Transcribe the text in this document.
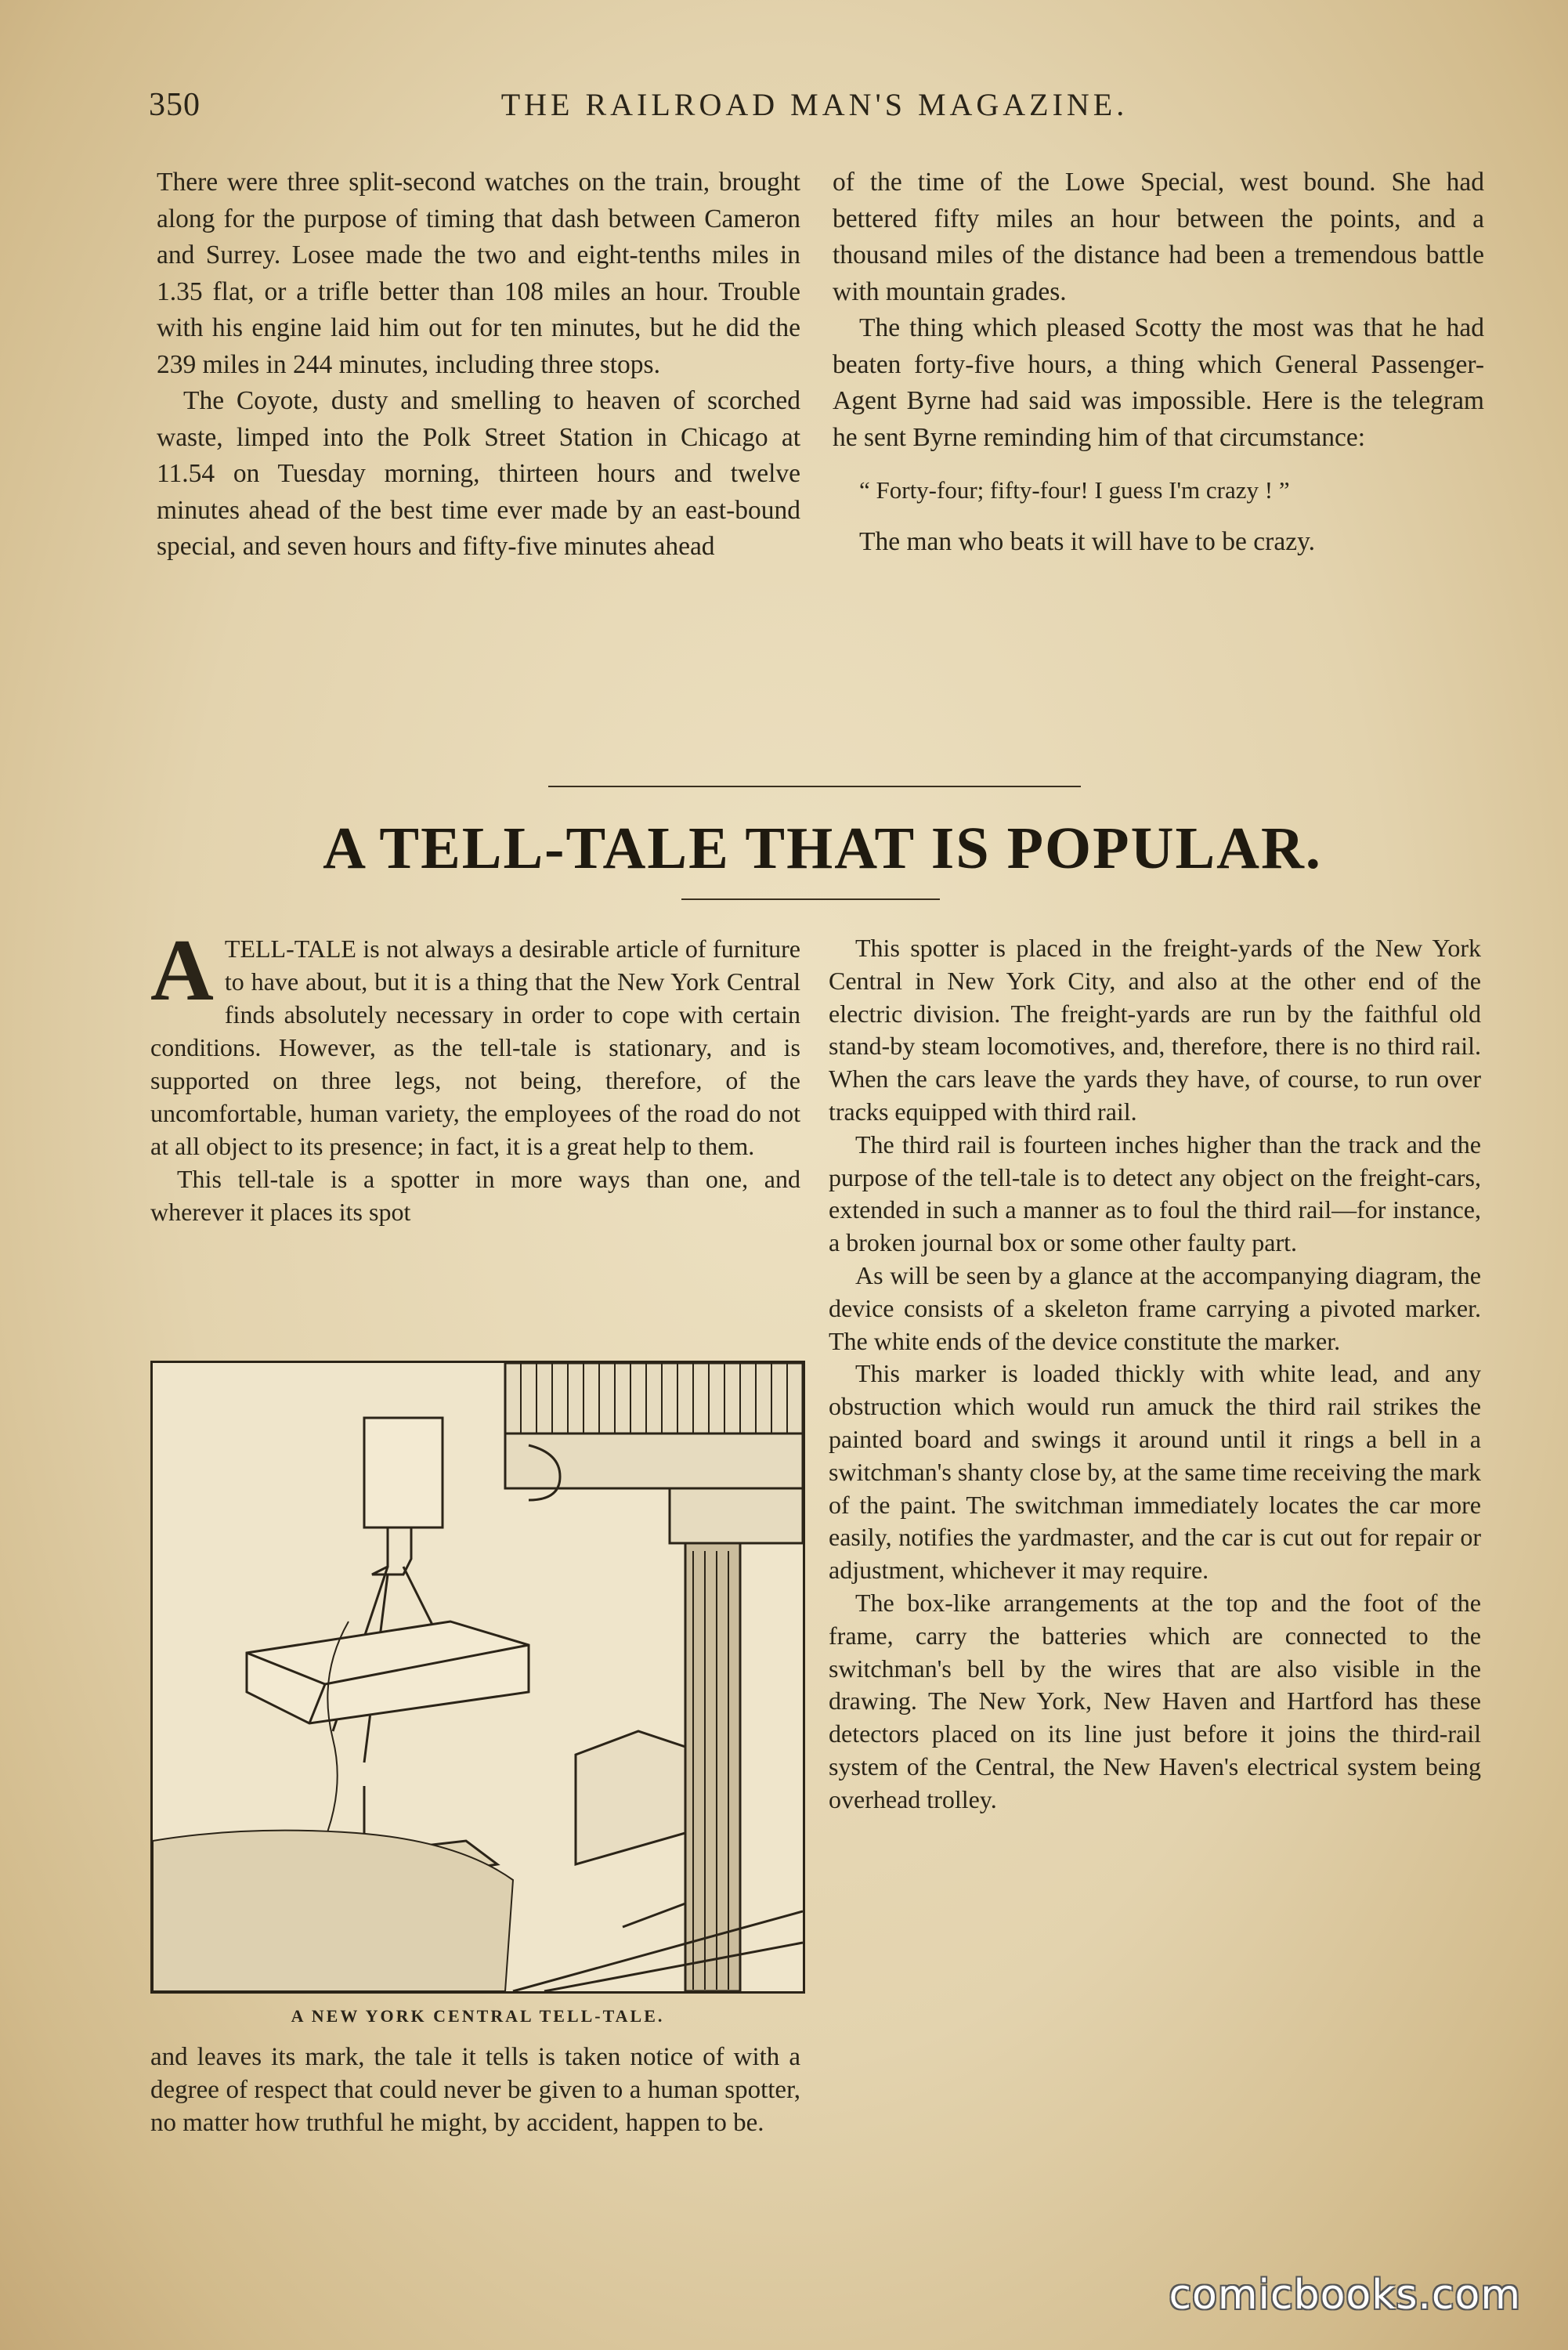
350	THE RAILROAD MAN'S MAGAZINE.

There were three split-second watches on the train, brought along for the purpose of timing that dash between Cameron and Surrey. Losee made the two and eight-tenths miles in 1.35 flat, or a trifle better than 108 miles an hour. Trouble with his engine laid him out for ten minutes, but he did the 239 miles in 244 minutes, including three stops.

The Coyote, dusty and smelling to heaven of scorched waste, limped into the Polk Street Station in Chicago at 11.54 on Tuesday morning, thirteen hours and twelve minutes ahead of the best time ever made by an east-bound special, and seven hours and fifty-five minutes ahead

of the time of the Lowe Special, west bound. She had bettered fifty miles an hour between the points, and a thousand miles of the distance had been a tremendous battle with mountain grades.

The thing which pleased Scotty the most was that he had beaten forty-five hours, a thing which General Passenger-Agent Byrne had said was impossible. Here is the telegram he sent Byrne reminding him of that circumstance:

“ Forty-four; fifty-four! I guess I'm crazy ! ”

The man who beats it will have to be crazy.

A TELL-TALE THAT IS POPULAR.

ATELL-TALE is not always a desirable article of furniture to have about, but it is a thing that the New York Central finds absolutely necessary in order to cope with certain conditions. However, as the tell-tale is stationary, and is supported on three legs, not being, therefore, of the uncomfortable, human variety, the employees of the road do not at all object to its presence; in fact, it is a great help to them.

This tell-tale is a spotter in more ways than one, and wherever it places its spot

A NEW YORK CENTRAL TELL-TALE.

and leaves its mark, the tale it tells is taken notice of with a degree of respect that could never be given to a human spotter, no matter how truthful he might, by accident, happen to be.

This spotter is placed in the freight-yards of the New York Central in New York City, and also at the other end of the electric division. The freight-yards are run by the faithful old stand-by steam locomotives, and, therefore, there is no third rail. When the cars leave the yards they have, of course, to run over tracks equipped with third rail.

The third rail is fourteen inches higher than the track and the purpose of the tell-tale is to detect any object on the freight-cars, extended in such a manner as to foul the third rail—for instance, a broken journal box or some other faulty part.

As will be seen by a glance at the accompanying diagram, the device consists of a skeleton frame carrying a pivoted marker. The white ends of the device constitute the marker.

This marker is loaded thickly with white lead, and any obstruction which would run amuck the third rail strikes the painted board and swings it around until it rings a bell in a switchman's shanty close by, at the same time receiving the mark of the paint. The switchman immediately locates the car more easily, notifies the yardmaster, and the car is cut out for repair or adjustment, whichever it may require.

The box-like arrangements at the top and the foot of the frame, carry the batteries which are connected to the switchman's bell by the wires that are also visible in the drawing. The New York, New Haven and Hartford has these detectors placed on its line just before it joins the third-rail system of the Central, the New Haven's electrical system being overhead trolley.

comicbooks.com
